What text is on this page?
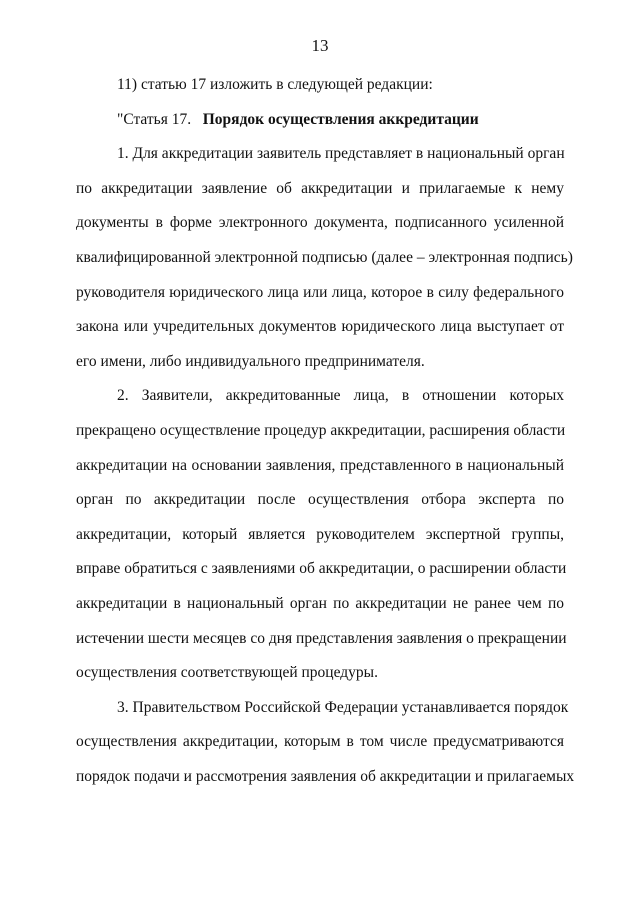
13
11) статью 17 изложить в следующей редакции:
"Статья 17. Порядок осуществления аккредитации
1. Для аккредитации заявитель представляет в национальный орган
по аккредитации заявление об аккредитации и прилагаемые к нему
документы в форме электронного документа, подписанного усиленной
квалифицированной электронной подписью (далее – электронная подпись)
руководителя юридического лица или лица, которое в силу федерального
закона или учредительных документов юридического лица выступает от
его имени, либо индивидуального предпринимателя.
2. Заявители, аккредитованные лица, в отношении которых
прекращено осуществление процедур аккредитации, расширения области
аккредитации на основании заявления, представленного в национальный
орган по аккредитации после осуществления отбора эксперта по
аккредитации, который является руководителем экспертной группы,
вправе обратиться с заявлениями об аккредитации, о расширении области
аккредитации в национальный орган по аккредитации не ранее чем по
истечении шести месяцев со дня представления заявления о прекращении
осуществления соответствующей процедуры.
3. Правительством Российской Федерации устанавливается порядок
осуществления аккредитации, которым в том числе предусматриваются
порядок подачи и рассмотрения заявления об аккредитации и прилагаемых
